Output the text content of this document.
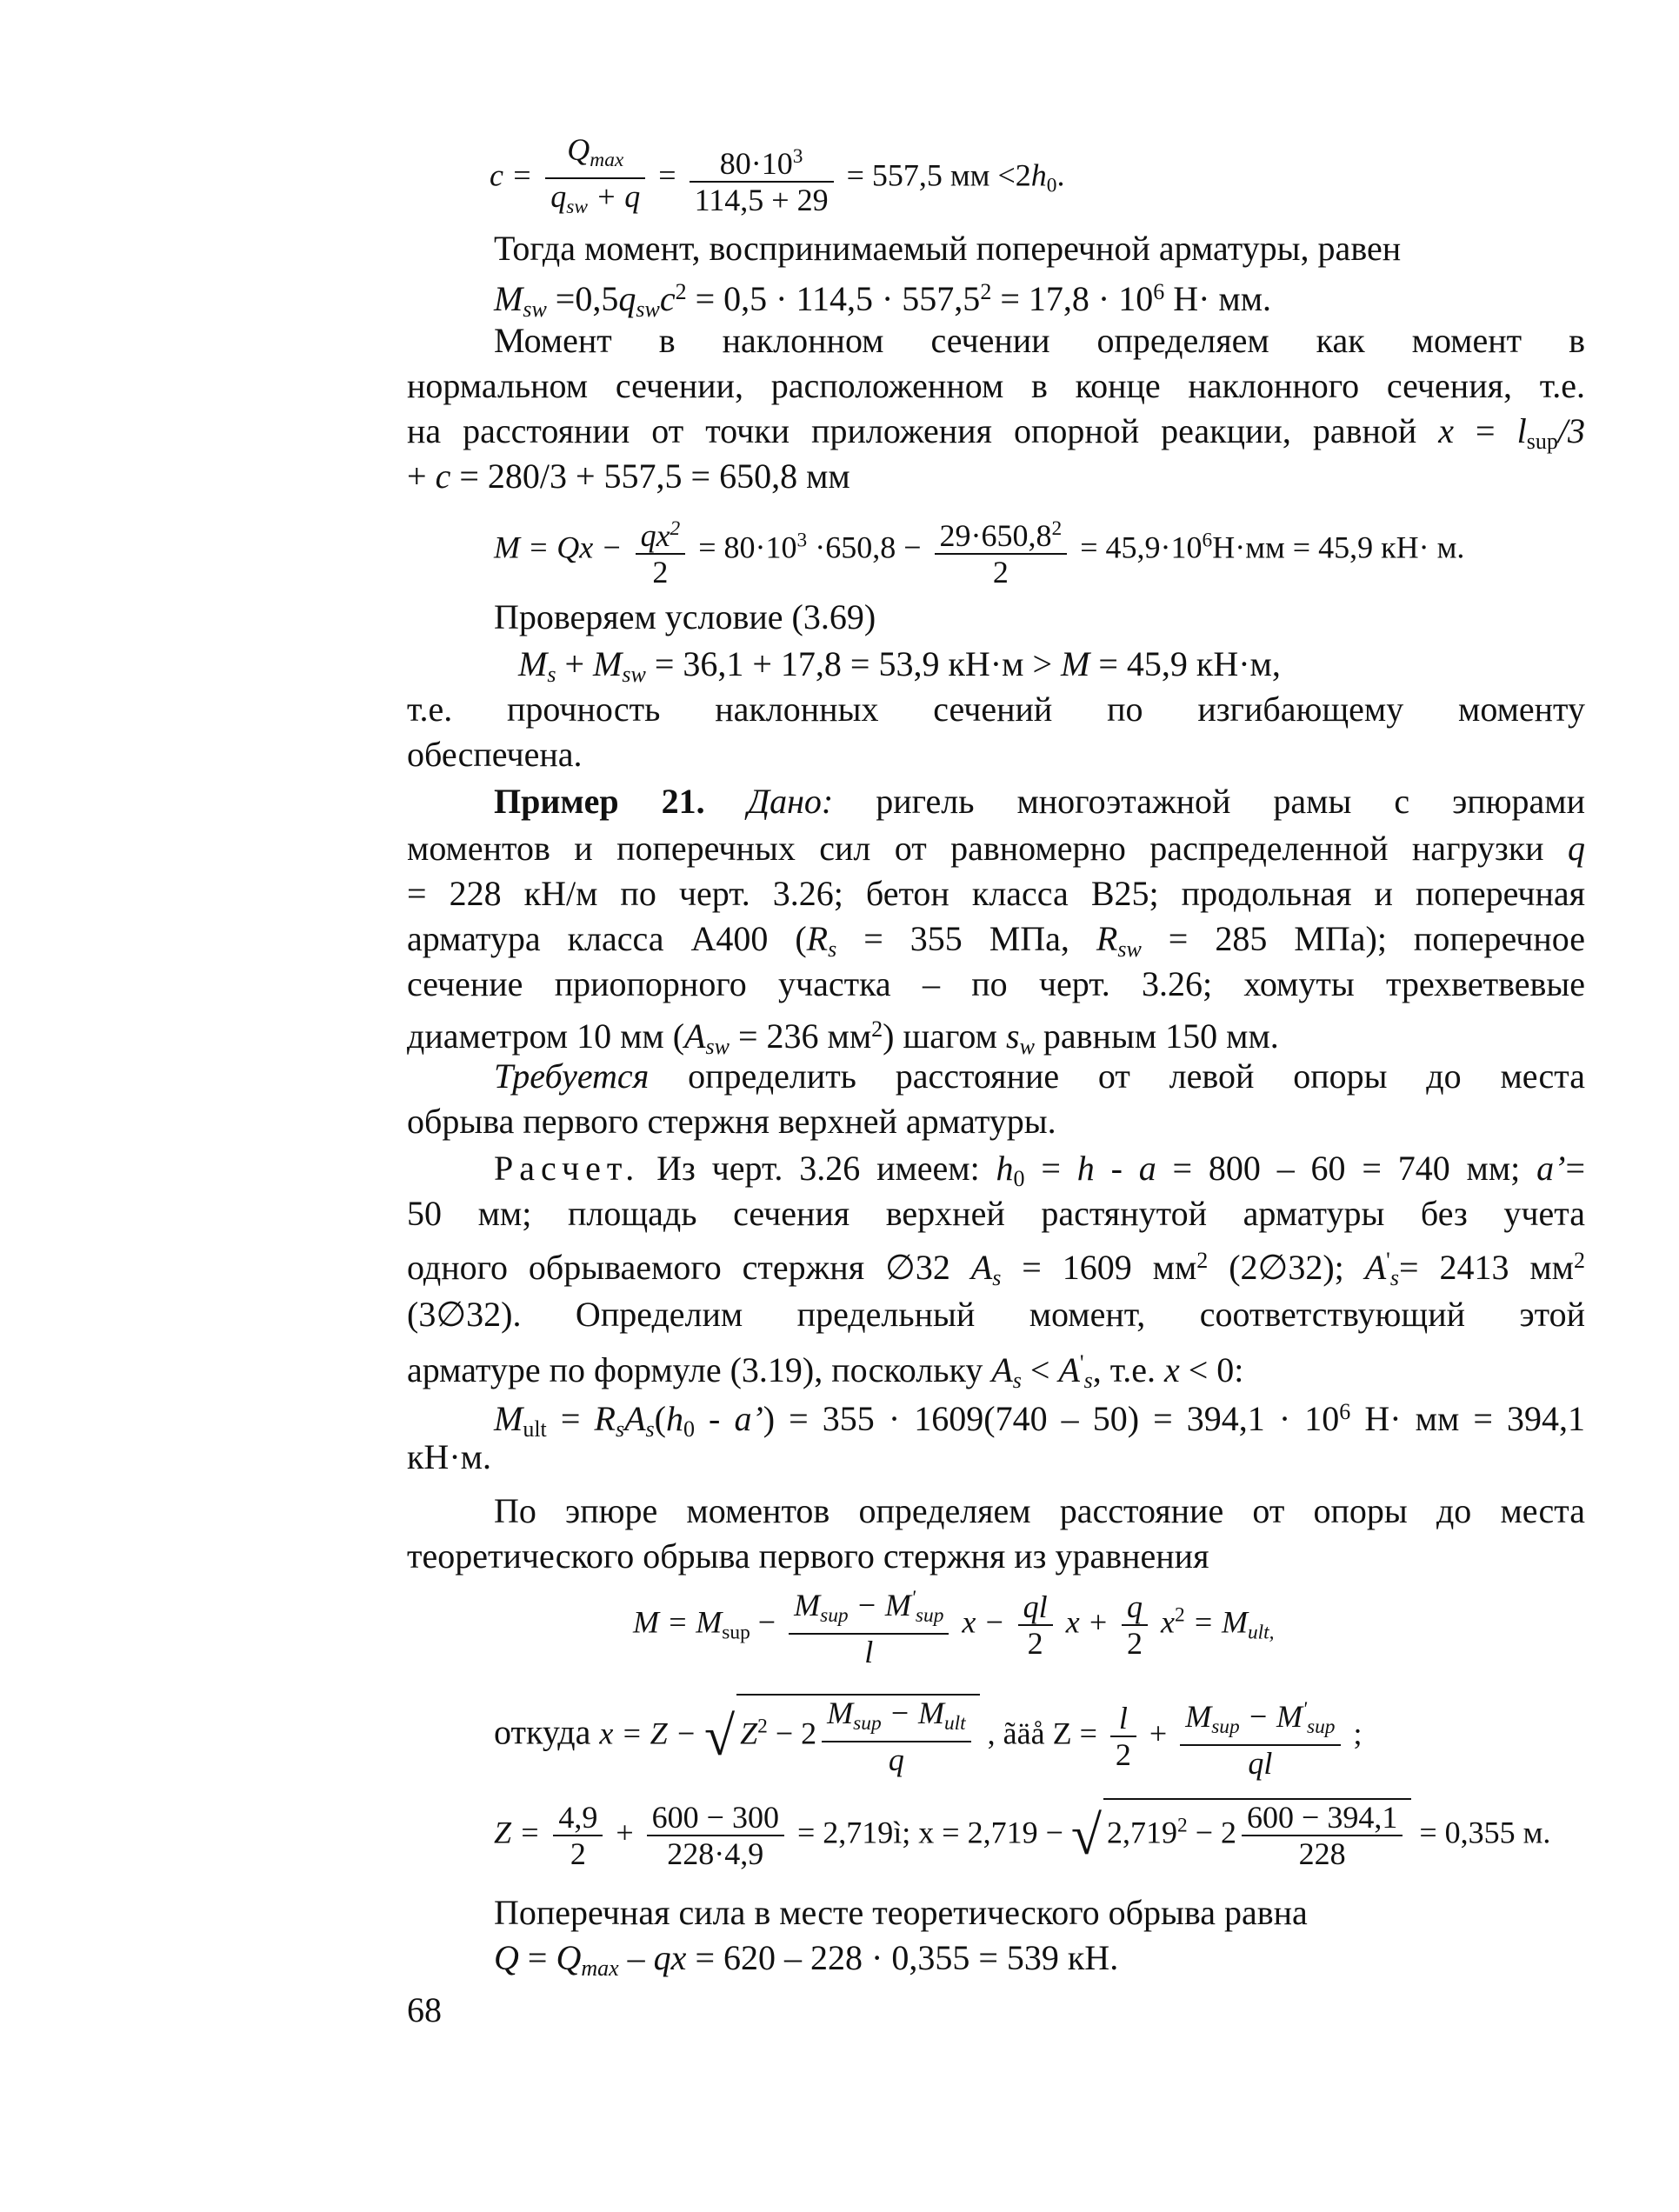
$c = \frac{Q_{max}}{q_{sw} + q} = \frac{80\cdot 10^3}{114,5 + 29} = 557,5$ мм $<2h_0$.
Тогда момент, воспринимаемый поперечной арматуры, равен
$M_{sw} =0,5q_{sw}c^2 = 0,5 \cdot 114,5 \cdot 557,5^2 = 17,8 \cdot 10^6$ Н· мм.
Момент в наклонном сечении определяем как момент в
нормальном сечении, расположенном в конце наклонного сечения, т.е.
на расстоянии от точки приложения опорной реакции, равной $x = l_{sup}/3$
+ c = 280/3 + 557,5 = 650,8 мм
$M = Qx - \frac{qx^2}{2} = 80\cdot 10^3 \cdot 650,8 - \frac{29\cdot 650,8^2}{2} = 45,9\cdot 10^6Н\cdot мм = 45,9$ кН· м.
Проверяем условие (3.69)
$M_s + M_{sw} = 36,1 + 17,8 = 53,9$ кН·м > M = 45,9 кН·м,
т.е. прочность наклонных сечений по изгибающему моменту
обеспечена.
Пример 21. Дано: ригель многоэтажной рамы с эпюрами
моментов и поперечных сил от равномерно распределенной нагрузки q
= 228 кН/м по черт. 3.26; бетон класса В25; продольная и поперечная
арматура класса А400 ($R_s = 355$ МПа, $R_{sw} = 285$ МПа); поперечное
сечение приопорного участка – по черт. 3.26; хомуты трехветвевые
диаметром 10 мм ($A_{sw} = 236$ $мм^2$) шагом $s_w$ равным 150 мм.
Требуется определить расстояние от левой опоры до места
обрыва первого стержня верхней арматуры.
Расчет. Из черт. 3.26 имеем: $h_0 = h - a = 800 - 60 = 740$ мм; a’=
50 мм; площадь сечения верхней растянутой арматуры без учета
одного обрываемого стержня ∅32 $A_s = 1609$ $мм^2$ (2∅32); $A'_s= 2413$ $мм^2$
(3∅32). Определим предельный момент, соответствующий этой
арматуре по формуле (3.19), поскольку $A_s < A'_s$, т.е. x < 0:
$M_{ult} = R_sA_s(h_0$ - a’) = $355 \cdot 1609(740 - 50) = 394,1 \cdot 10^6$ Н· мм = 394,1
кН·м.
По эпюре моментов определяем расстояние от опоры до места
теоретического обрыва первого стержня из уравнения
$M = M_{sup} - \frac{M_{sup} - M'_{sup}}{l}$ $x - \frac{ql}{2}$ $x + \frac{q}{2} x^2 = M_{ult,}$
откуда x = Z − √ $Z^2 - 2 \frac{M_{sup} - M_{ult}}{q}$ , ãäå $Z = \frac{l}{2} + \frac{M_{sup} - M'_{sup}}{ql}$ ;
$Z = \frac{4,9}{2} + \frac{600 - 300}{228\cdot 4,9}$ = 2,719ì; x = 2,719 − √ $2,719^2 - 2 \frac{600 - 394,1}{228} = 0,355$ м.
Поперечная сила в месте теоретического обрыва равна
$Q = Q_{max}$ – qx = 620 – 228 · 0,355 = 539 кН.
68
